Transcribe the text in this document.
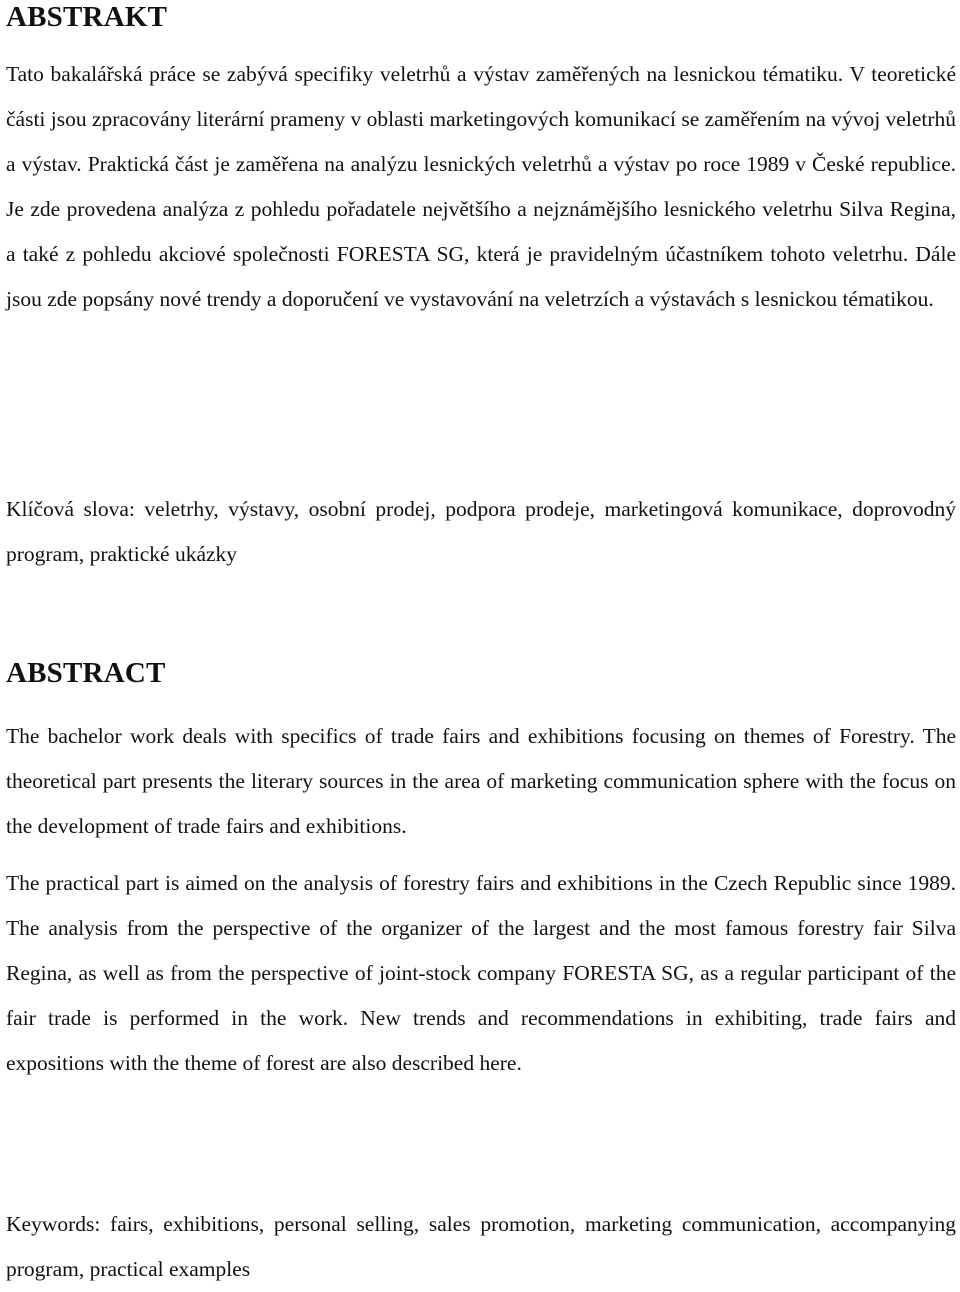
ABSTRAKT

Tato bakalářská práce se zabývá specifiky veletrhů a výstav zaměřených na lesnickou tématiku. V teoretické části jsou zpracovány literární prameny v oblasti marketingových komunikací se zaměřením na vývoj veletrhů a výstav. Praktická část je zaměřena na analýzu lesnických veletrhů a výstav po roce 1989 v České republice. Je zde provedena analýza z pohledu pořadatele největšího a nejznámějšího lesnického veletrhu Silva Regina, a také z pohledu akciové společnosti FORESTA SG, která je pravidelným účastníkem tohoto veletrhu. Dále jsou zde popsány nové trendy a doporučení ve vystavování na veletrzích a výstavách s lesnickou tématikou.

Klíčová slova: veletrhy, výstavy, osobní prodej, podpora prodeje, marketingová komunikace, doprovodný program, praktické ukázky

ABSTRACT

The bachelor work deals with specifics of trade fairs and exhibitions focusing on themes of Forestry. The theoretical part presents the literary sources in the area of marketing communication sphere with the focus on the development of trade fairs and exhibitions.

The practical part is aimed on the analysis of forestry fairs and exhibitions in the Czech Republic since 1989. The analysis from the perspective of the organizer of the largest and the most famous forestry fair Silva Regina, as well as from the perspective of joint-stock company FORESTA SG, as a regular participant of the fair trade is performed in the work. New trends and recommendations in exhibiting, trade fairs and expositions with the theme of forest are also described here.

Keywords: fairs, exhibitions, personal selling, sales promotion, marketing communication, accompanying program, practical examples
